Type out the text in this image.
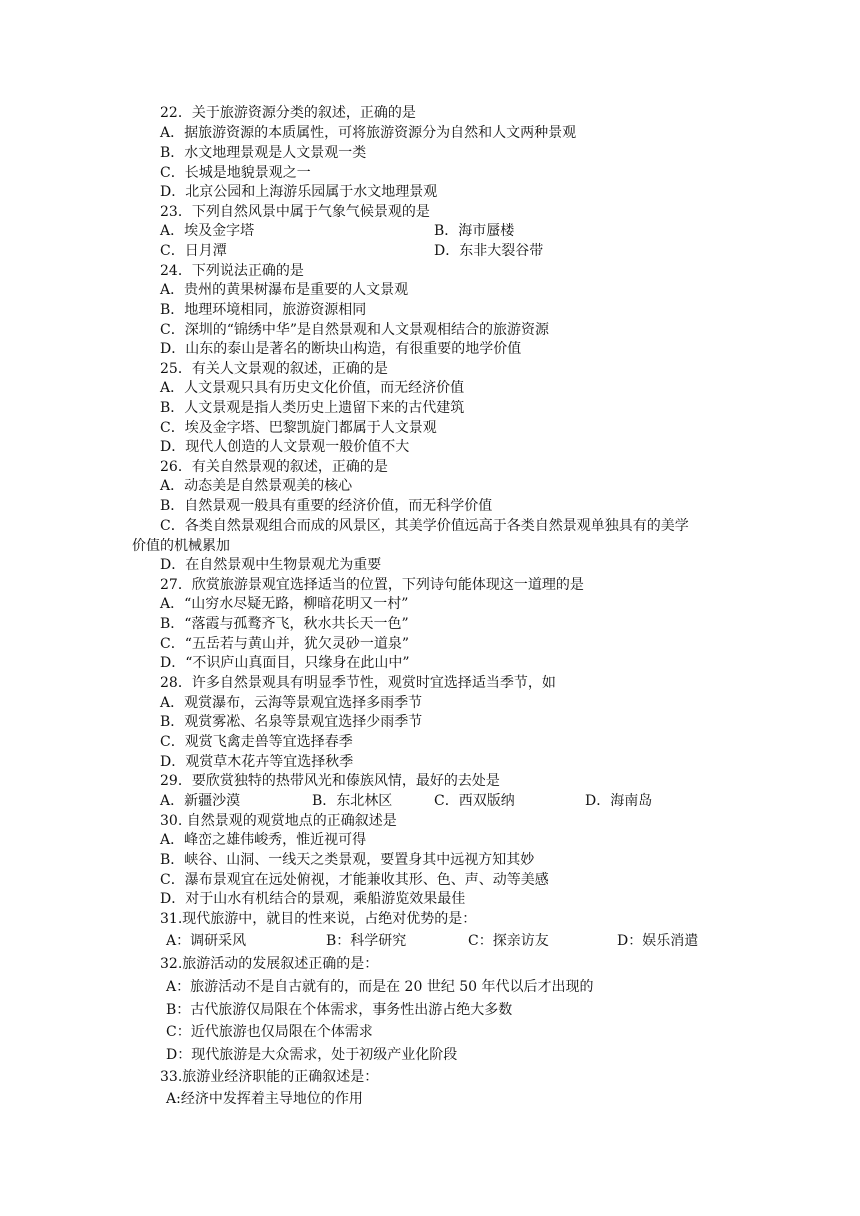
22．关于旅游资源分类的叙述，正确的是
A．据旅游资源的本质属性，可将旅游资源分为自然和人文两种景观
B．水文地理景观是人文景观一类
C．长城是地貌景观之一
D．北京公园和上海游乐园属于水文地理景观
23．下列自然风景中属于气象气候景观的是
A．埃及金字塔	B．海市蜃楼
C．日月潭	D．东非大裂谷带
24．下列说法正确的是
A．贵州的黄果树瀑布是重要的人文景观
B．地理环境相同，旅游资源相同
C．深圳的“锦绣中华”是自然景观和人文景观相结合的旅游资源
D．山东的泰山是著名的断块山构造，有很重要的地学价值
25．有关人文景观的叙述，正确的是
A．人文景观只具有历史文化价值，而无经济价值
B．人文景观是指人类历史上遗留下来的古代建筑
C．埃及金字塔、巴黎凯旋门都属于人文景观
D．现代人创造的人文景观一般价值不大
26．有关自然景观的叙述，正确的是
A．动态美是自然景观美的核心
B．自然景观一般具有重要的经济价值，而无科学价值
C．各类自然景观组合而成的风景区，其美学价值远高于各类自然景观单独具有的美学
价值的机械累加
D．在自然景观中生物景观尤为重要
27．欣赏旅游景观宜选择适当的位置，下列诗句能体现这一道理的是
A．“山穷水尽疑无路，柳暗花明又一村”
B．“落霞与孤鹜齐飞，秋水共长天一色”
C．“五岳若与黄山并，犹欠灵砂一道泉”
D．“不识庐山真面目，只缘身在此山中”
28．许多自然景观具有明显季节性，观赏时宜选择适当季节，如
A．观赏瀑布，云海等景观宜选择多雨季节
B．观赏雾凇、名泉等景观宜选择少雨季节
C．观赏飞禽走兽等宜选择春季
D．观赏草木花卉等宜选择秋季
29．要欣赏独特的热带风光和傣族风情，最好的去处是
A．新疆沙漠	B．东北林区	C．西双版纳	D．海南岛
30. 自然景观的观赏地点的正确叙述是
A．峰峦之雄伟峻秀，惟近视可得
B．峡谷、山洞、一线天之类景观，要置身其中远视方知其妙
C．瀑布景观宜在远处俯视，才能兼收其形、色、声、动等美感
D．对于山水有机结合的景观，乘船游览效果最佳
31.现代旅游中，就目的性来说，占绝对优势的是：
A：调研采风	B：科学研究	C：探亲访友	D：娱乐消遣
32.旅游活动的发展叙述正确的是：
A：旅游活动不是自古就有的，而是在 20 世纪 50 年代以后才出现的
B：古代旅游仅局限在个体需求，事务性出游占绝大多数
C：近代旅游也仅局限在个体需求
D：现代旅游是大众需求，处于初级产业化阶段
33.旅游业经济职能的正确叙述是：
A:经济中发挥着主导地位的作用
